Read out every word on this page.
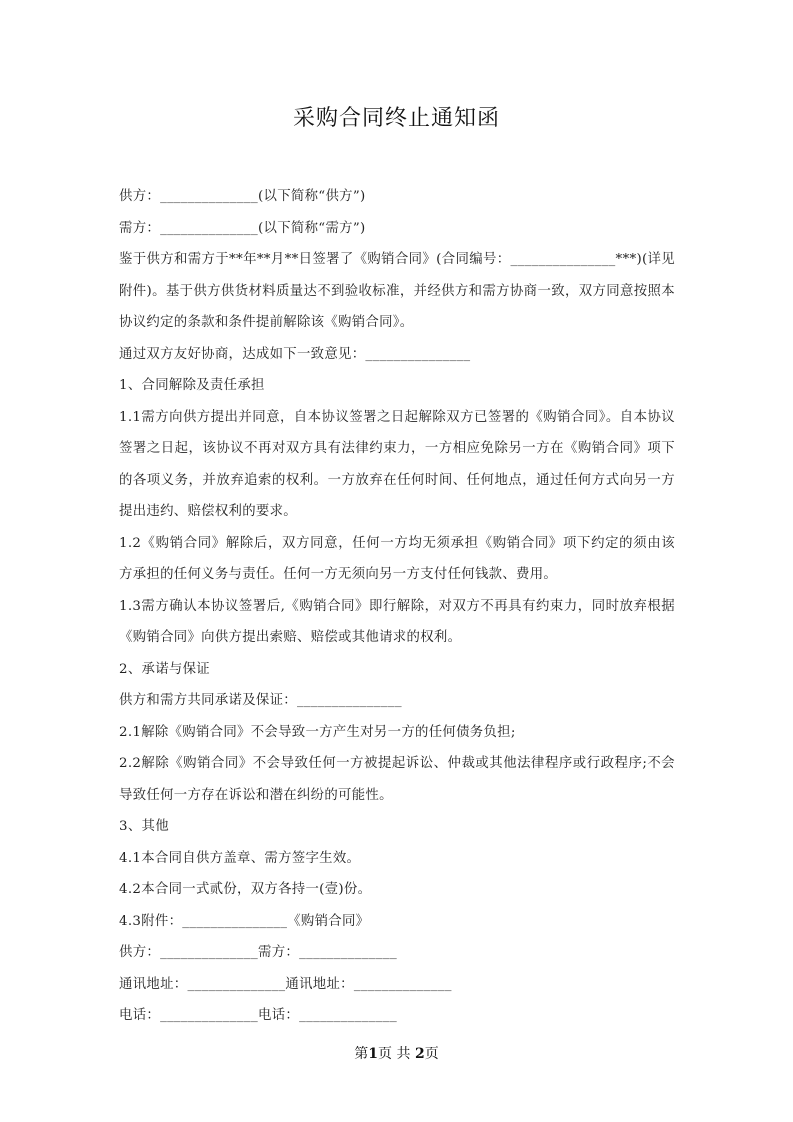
采购合同终止通知函

供方：______________(以下简称“供方”)

需方：______________(以下简称“需方”)

鉴于供方和需方于**年**月**日签署了《购销合同》(合同编号：_______________***)(详见附件)。基于供方供货材料质量达不到验收标准，并经供方和需方协商一致，双方同意按照本协议约定的条款和条件提前解除该《购销合同》。

通过双方友好协商，达成如下一致意见：_______________

1、合同解除及责任承担

1.1需方向供方提出并同意，自本协议签署之日起解除双方已签署的《购销合同》。自本协议签署之日起，该协议不再对双方具有法律约束力，一方相应免除另一方在《购销合同》项下的各项义务，并放弃追索的权利。一方放弃在任何时间、任何地点，通过任何方式向另一方提出违约、赔偿权利的要求。

1.2《购销合同》解除后，双方同意，任何一方均无须承担《购销合同》项下约定的须由该方承担的任何义务与责任。任何一方无须向另一方支付任何钱款、费用。

1.3需方确认本协议签署后,《购销合同》即行解除，对双方不再具有约束力，同时放弃根据《购销合同》向供方提出索赔、赔偿或其他请求的权利。

2、承诺与保证

供方和需方共同承诺及保证：_______________

2.1解除《购销合同》不会导致一方产生对另一方的任何债务负担;

2.2解除《购销合同》不会导致任何一方被提起诉讼、仲裁或其他法律程序或行政程序;不会导致任何一方存在诉讼和潜在纠纷的可能性。

3、其他

4.1本合同自供方盖章、需方签字生效。

4.2本合同一式贰份，双方各持一(壹)份。

4.3附件：_______________《购销合同》

供方：______________需方：______________

通讯地址：______________通讯地址：______________

电话：______________电话：______________

第1页 共 2页
